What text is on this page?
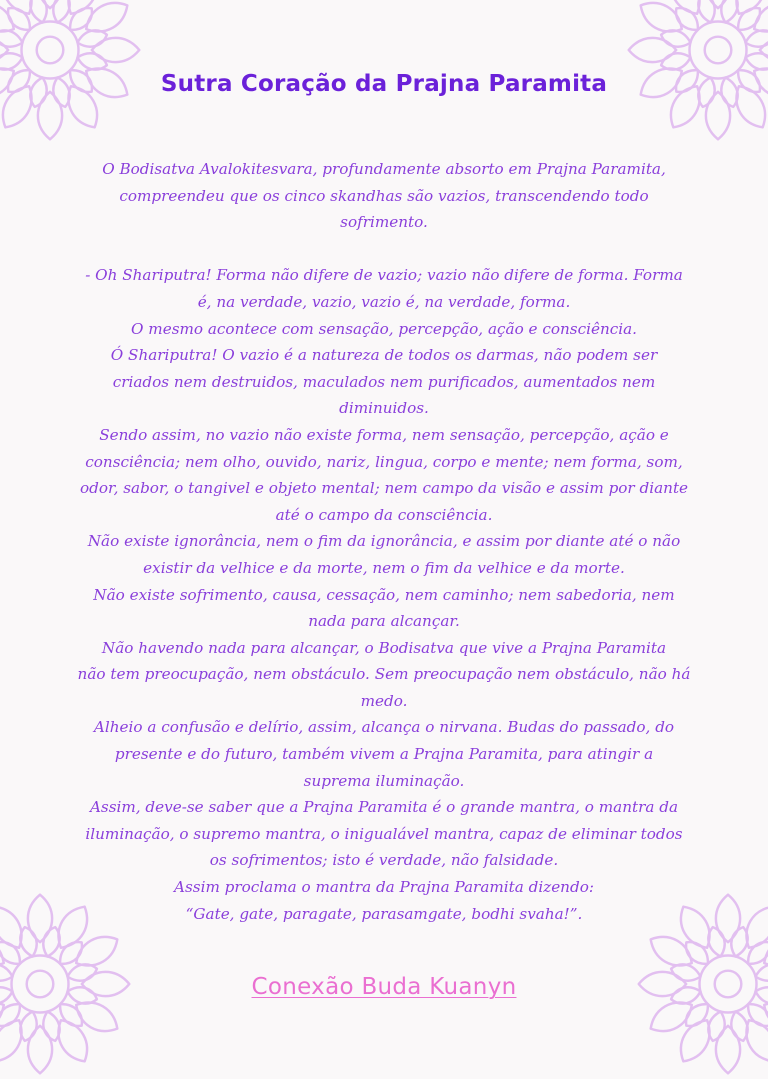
Sutra Coração da Prajna Paramita

O Bodisatva Avalokitesvara, profundamente absorto em Prajna Paramita,

compreendeu que os cinco skandhas são vazios, transcendendo todo

sofrimento.

- Oh Shariputra! Forma não difere de vazio; vazio não difere de forma. Forma

é, na verdade, vazio, vazio é, na verdade, forma.

O mesmo acontece com sensação, percepção, ação e consciência.

Ó Shariputra! O vazio é a natureza de todos os darmas, não podem ser

criados nem destruidos, maculados nem purificados, aumentados nem

diminuidos.

Sendo assim, no vazio não existe forma, nem sensação, percepção, ação e

consciência; nem olho, ouvido, nariz, lingua, corpo e mente; nem forma, som,

odor, sabor, o tangivel e objeto mental; nem campo da visão e assim por diante

até o campo da consciência.

Não existe ignorância, nem o fim da ignorância, e assim por diante até o não

existir da velhice e da morte, nem o fim da velhice e da morte.

Não existe sofrimento, causa, cessação, nem caminho; nem sabedoria, nem

nada para alcançar.

Não havendo nada para alcançar, o Bodisatva que vive a Prajna Paramita

não tem preocupação, nem obstáculo. Sem preocupação nem obstáculo, não há

medo.

Alheio a confusão e delírio, assim, alcança o nirvana. Budas do passado, do

presente e do futuro, também vivem a Prajna Paramita, para atingir a

suprema iluminação.

Assim, deve-se saber que a Prajna Paramita é o grande mantra, o mantra da

iluminação, o supremo mantra, o inigualável mantra, capaz de eliminar todos

os sofrimentos; isto é verdade, não falsidade.

Assim proclama o mantra da Prajna Paramita dizendo:

“Gate, gate, paragate, parasamgate, bodhi svaha!”.

Conexão Buda Kuanyn
